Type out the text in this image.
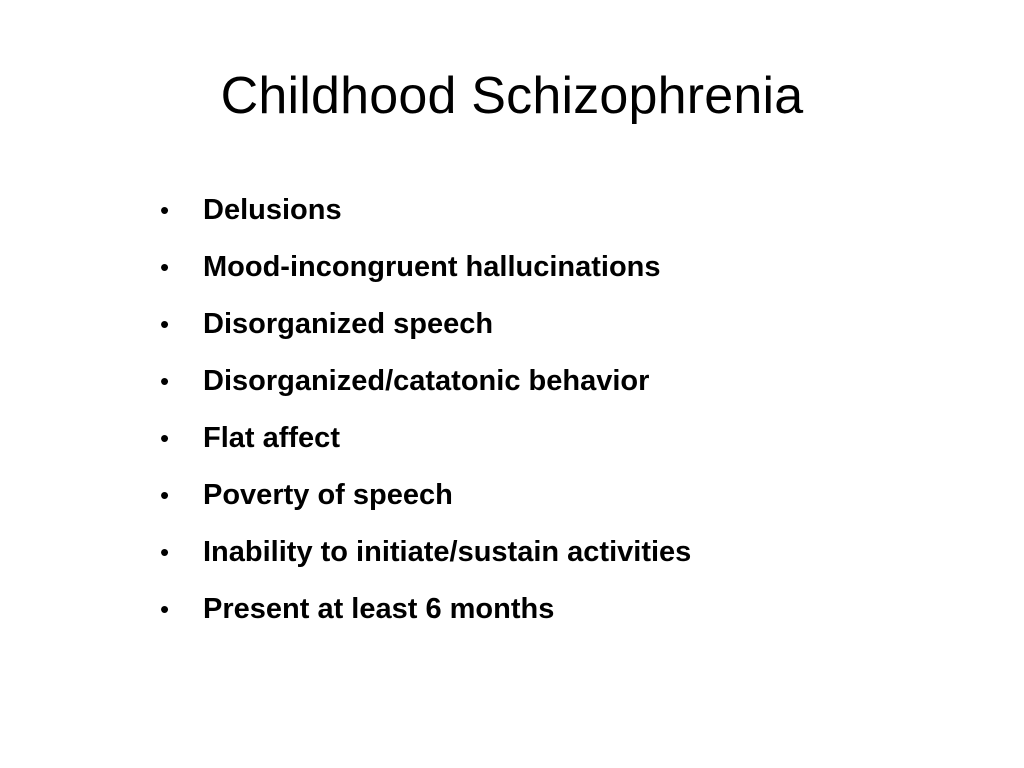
Childhood Schizophrenia
•	Delusions
•	Mood-incongruent hallucinations
•	Disorganized speech
•	Disorganized/catatonic behavior
•	Flat affect
•	Poverty of speech
•	Inability to initiate/sustain activities
•	Present at least 6 months
